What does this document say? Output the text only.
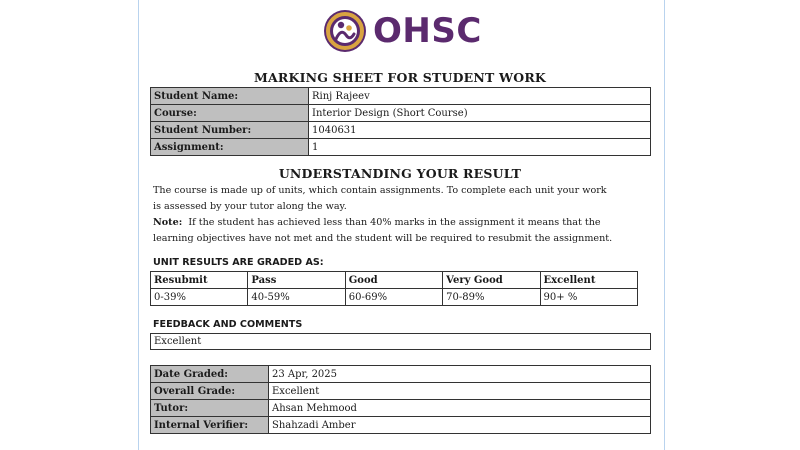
OHSC
MARKING SHEET FOR STUDENT WORK
Student Name:	Rinj Rajeev
Course:	Interior Design (Short Course)
Student Number:	1040631
Assignment:	1
UNDERSTANDING YOUR RESULT
The course is made up of units, which contain assignments. To complete each unit your work
is assessed by your tutor along the way.
Note: If the student has achieved less than 40% marks in the assignment it means that the
learning objectives have not met and the student will be required to resubmit the assignment.
UNIT RESULTS ARE GRADED AS:
Resubmit	Pass	Good	Very Good	Excellent
0-39%	40-59%	60-69%	70-89%	90+ %
FEEDBACK AND COMMENTS
Excellent
Date Graded:	23 Apr, 2025
Overall Grade:	Excellent
Tutor:	Ahsan Mehmood
Internal Verifier:	Shahzadi Amber
